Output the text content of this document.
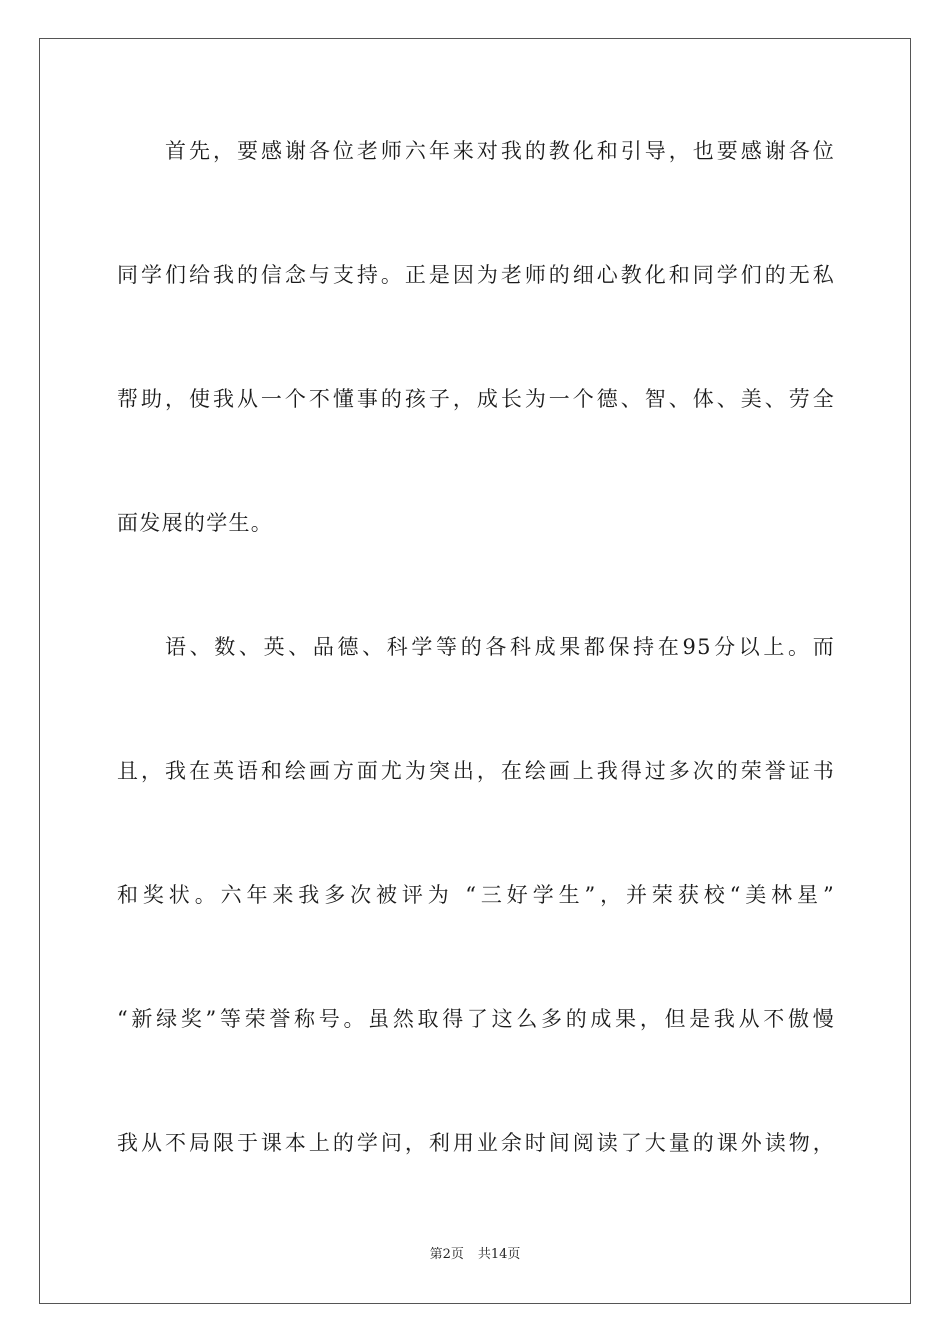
首先，要感谢各位老师六年来对我的教化和引导，也要感谢各位
同学们给我的信念与支持。正是因为老师的细心教化和同学们的无私
帮助，使我从一个不懂事的孩子，成长为一个德、智、体、美、劳全
面发展的学生。
语、数、英、品德、科学等的各科成果都保持在95分以上。而
且，我在英语和绘画方面尤为突出，在绘画上我得过多次的荣誉证书
和奖状。六年来我多次被评为 “三好学生”，并荣获校“美林星”
“新绿奖”等荣誉称号。虽然取得了这么多的成果，但是我从不傲慢
我从不局限于课本上的学问，利用业余时间阅读了大量的课外读物，
第2页 共14页
